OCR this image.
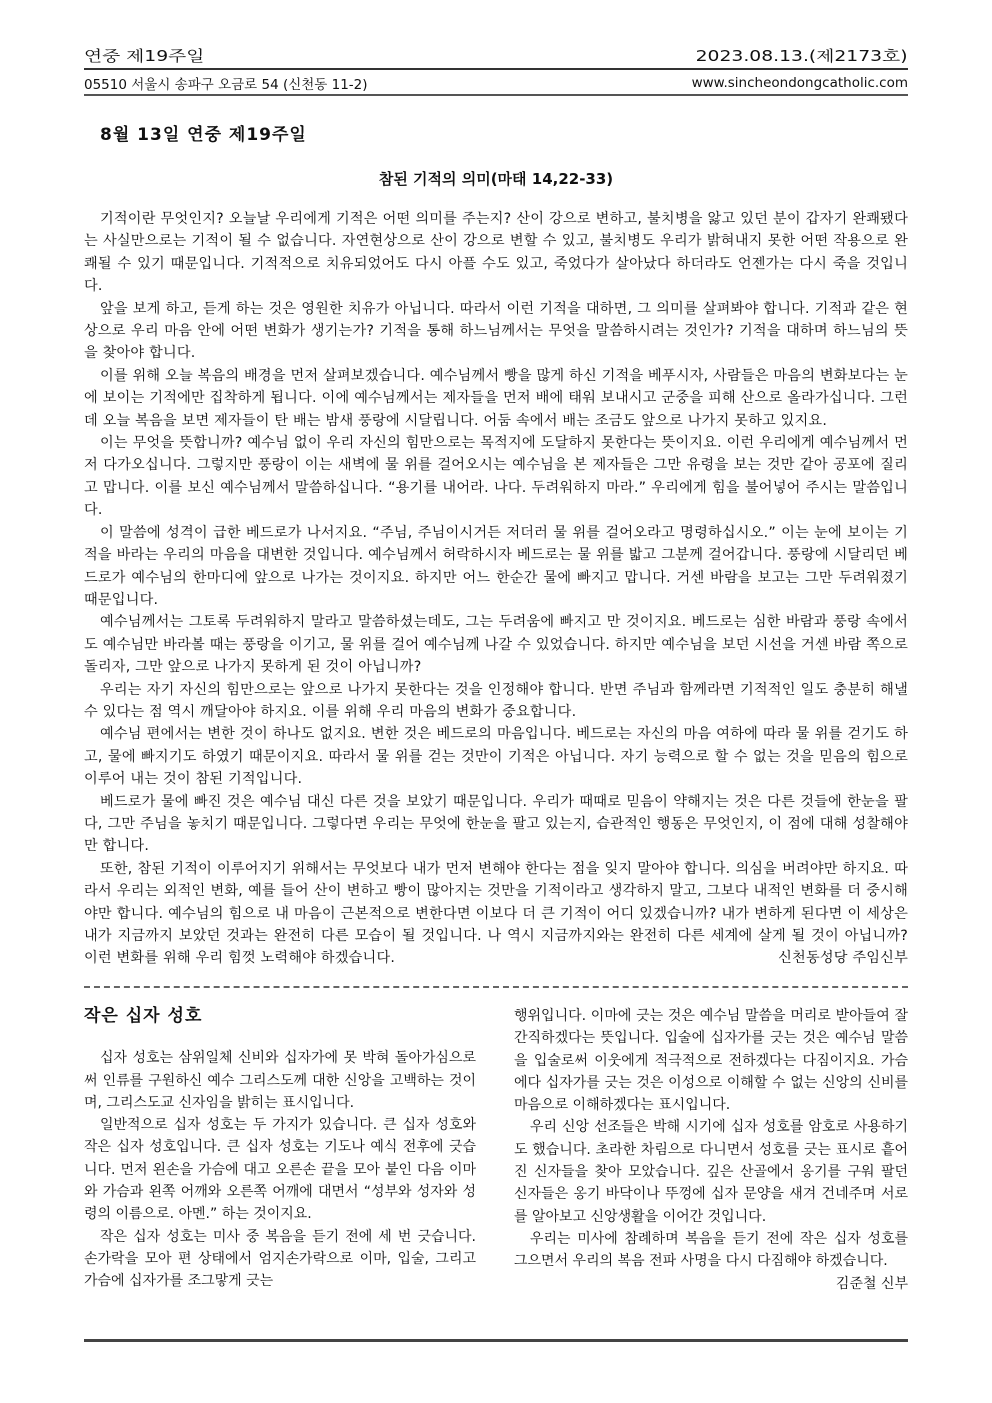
연중 제19주일	2023.08.13.(제2173호)
05510 서울시 송파구 오금로 54 (신천동 11-2)	www.sincheondongcatholic.com
8월 13일 연중 제19주일
참된 기적의 의미(마태 14,22-33)

기적이란 무엇인지? 오늘날 우리에게 기적은 어떤 의미를 주는지? 산이 강으로 변하고, 불치병을 앓고 있던 분이 갑자기 완쾌됐다는 사실만으로는 기적이 될 수 없습니다. 자연현상으로 산이 강으로 변할 수 있고, 불치병도 우리가 밝혀내지 못한 어떤 작용으로 완쾌될 수 있기 때문입니다. 기적적으로 치유되었어도 다시 아플 수도 있고, 죽었다가 살아났다 하더라도 언젠가는 다시 죽을 것입니다.

앞을 보게 하고, 듣게 하는 것은 영원한 치유가 아닙니다. 따라서 이런 기적을 대하면, 그 의미를 살펴봐야 합니다. 기적과 같은 현상으로 우리 마음 안에 어떤 변화가 생기는가? 기적을 통해 하느님께서는 무엇을 말씀하시려는 것인가? 기적을 대하며 하느님의 뜻을 찾아야 합니다.

이를 위해 오늘 복음의 배경을 먼저 살펴보겠습니다. 예수님께서 빵을 많게 하신 기적을 베푸시자, 사람들은 마음의 변화보다는 눈에 보이는 기적에만 집착하게 됩니다. 이에 예수님께서는 제자들을 먼저 배에 태워 보내시고 군중을 피해 산으로 올라가십니다. 그런데 오늘 복음을 보면 제자들이 탄 배는 밤새 풍랑에 시달립니다. 어둠 속에서 배는 조금도 앞으로 나가지 못하고 있지요.

이는 무엇을 뜻합니까? 예수님 없이 우리 자신의 힘만으로는 목적지에 도달하지 못한다는 뜻이지요. 이런 우리에게 예수님께서 먼저 다가오십니다. 그렇지만 풍랑이 이는 새벽에 물 위를 걸어오시는 예수님을 본 제자들은 그만 유령을 보는 것만 같아 공포에 질리고 맙니다. 이를 보신 예수님께서 말씀하십니다. “용기를 내어라. 나다. 두려워하지 마라.” 우리에게 힘을 불어넣어 주시는 말씀입니다.

이 말씀에 성격이 급한 베드로가 나서지요. “주님, 주님이시거든 저더러 물 위를 걸어오라고 명령하십시오.” 이는 눈에 보이는 기적을 바라는 우리의 마음을 대변한 것입니다. 예수님께서 허락하시자 베드로는 물 위를 밟고 그분께 걸어갑니다. 풍랑에 시달리던 베드로가 예수님의 한마디에 앞으로 나가는 것이지요. 하지만 어느 한순간 물에 빠지고 맙니다. 거센 바람을 보고는 그만 두려워졌기 때문입니다.

예수님께서는 그토록 두려워하지 말라고 말씀하셨는데도, 그는 두려움에 빠지고 만 것이지요. 베드로는 심한 바람과 풍랑 속에서도 예수님만 바라볼 때는 풍랑을 이기고, 물 위를 걸어 예수님께 나갈 수 있었습니다. 하지만 예수님을 보던 시선을 거센 바람 쪽으로 돌리자, 그만 앞으로 나가지 못하게 된 것이 아닙니까?

우리는 자기 자신의 힘만으로는 앞으로 나가지 못한다는 것을 인정해야 합니다. 반면 주님과 함께라면 기적적인 일도 충분히 해낼 수 있다는 점 역시 깨달아야 하지요. 이를 위해 우리 마음의 변화가 중요합니다.

예수님 편에서는 변한 것이 하나도 없지요. 변한 것은 베드로의 마음입니다. 베드로는 자신의 마음 여하에 따라 물 위를 걷기도 하고, 물에 빠지기도 하였기 때문이지요. 따라서 물 위를 걷는 것만이 기적은 아닙니다. 자기 능력으로 할 수 없는 것을 믿음의 힘으로 이루어 내는 것이 참된 기적입니다.

베드로가 물에 빠진 것은 예수님 대신 다른 것을 보았기 때문입니다. 우리가 때때로 믿음이 약해지는 것은 다른 것들에 한눈을 팔다, 그만 주님을 놓치기 때문입니다. 그렇다면 우리는 무엇에 한눈을 팔고 있는지, 습관적인 행동은 무엇인지, 이 점에 대해 성찰해야만 합니다.

또한, 참된 기적이 이루어지기 위해서는 무엇보다 내가 먼저 변해야 한다는 점을 잊지 말아야 합니다. 의심을 버려야만 하지요. 따라서 우리는 외적인 변화, 예를 들어 산이 변하고 빵이 많아지는 것만을 기적이라고 생각하지 말고, 그보다 내적인 변화를 더 중시해야만 합니다. 예수님의 힘으로 내 마음이 근본적으로 변한다면 이보다 더 큰 기적이 어디 있겠습니까? 내가 변하게 된다면 이 세상은 내가 지금까지 보았던 것과는 완전히 다른 모습이 될 것입니다. 나 역시 지금까지와는 완전히 다른 세계에 살게 될 것이 아닙니까? 이런 변화를 위해 우리 힘껏 노력해야 하겠습니다.	신천동성당 주임신부
작은 십자 성호

십자 성호는 삼위일체 신비와 십자가에 못 박혀 돌아가심으로써 인류를 구원하신 예수 그리스도께 대한 신앙을 고백하는 것이며, 그리스도교 신자임을 밝히는 표시입니다.

일반적으로 십자 성호는 두 가지가 있습니다. 큰 십자 성호와 작은 십자 성호입니다. 큰 십자 성호는 기도나 예식 전후에 긋습니다. 먼저 왼손을 가슴에 대고 오른손 끝을 모아 붙인 다음 이마와 가슴과 왼쪽 어깨와 오른쪽 어깨에 대면서 “성부와 성자와 성령의 이름으로. 아멘.” 하는 것이지요.

작은 십자 성호는 미사 중 복음을 듣기 전에 세 번 긋습니다. 손가락을 모아 편 상태에서 엄지손가락으로 이마, 입술, 그리고 가슴에 십자가를 조그맣게 긋는

행위입니다. 이마에 긋는 것은 예수님 말씀을 머리로 받아들여 잘 간직하겠다는 뜻입니다. 입술에 십자가를 긋는 것은 예수님 말씀을 입술로써 이웃에게 적극적으로 전하겠다는 다짐이지요. 가슴에다 십자가를 긋는 것은 이성으로 이해할 수 없는 신앙의 신비를 마음으로 이해하겠다는 표시입니다.

우리 신앙 선조들은 박해 시기에 십자 성호를 암호로 사용하기도 했습니다. 초라한 차림으로 다니면서 성호를 긋는 표시로 흩어진 신자들을 찾아 모았습니다. 깊은 산골에서 옹기를 구워 팔던 신자들은 옹기 바닥이나 뚜껑에 십자 문양을 새겨 건네주며 서로를 알아보고 신앙생활을 이어간 것입니다.

우리는 미사에 참례하며 복음을 듣기 전에 작은 십자 성호를 그으면서 우리의 복음 전파 사명을 다시 다짐해야 하겠습니다.
김준철 신부
